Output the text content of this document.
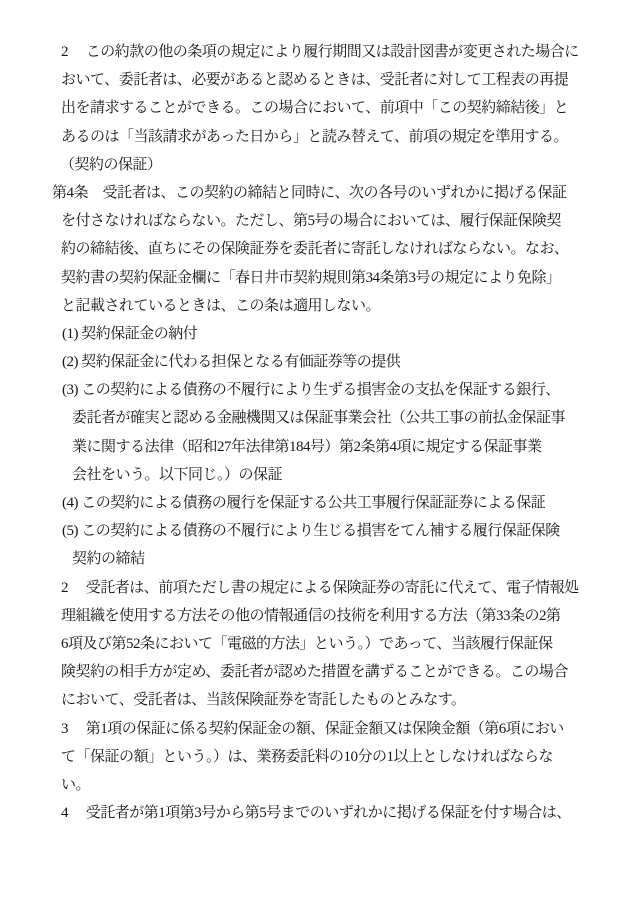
2　 この約款の他の条項の規定により履行期間又は設計図書が変更された場合に
おいて、委託者は、必要があると認めるときは、受託者に対して工程表の再提
出を請求することができる。この場合において、前項中「この契約締結後」と
あるのは「当該請求があった日から」と読み替えて、前項の規定を準用する。
（契約の保証）
第4条　受託者は、この契約の締結と同時に、次の各号のいずれかに掲げる保証
を付さなければならない。ただし、第5号の場合においては、履行保証保険契
約の締結後、直ちにその保険証券を委託者に寄託しなければならない。なお、
契約書の契約保証金欄に「春日井市契約規則第34条第3号の規定により免除」
と記載されているときは、この条は適用しない。
(1) 契約保証金の納付
(2) 契約保証金に代わる担保となる有価証券等の提供
(3) この契約による債務の不履行により生ずる損害金の支払を保証する銀行、
委託者が確実と認める金融機関又は保証事業会社（公共工事の前払金保証事
業に関する法律（昭和27年法律第184号）第2条第4項に規定する保証事業
会社をいう。以下同じ。）の保証
(4) この契約による債務の履行を保証する公共工事履行保証証券による保証
(5) この契約による債務の不履行により生じる損害をてん補する履行保証保険
契約の締結
2　 受託者は、前項ただし書の規定による保険証券の寄託に代えて、電子情報処
理組織を使用する方法その他の情報通信の技術を利用する方法（第33条の2第
6項及び第52条において「電磁的方法」という。）であって、当該履行保証保
険契約の相手方が定め、委託者が認めた措置を講ずることができる。この場合
において、受託者は、当該保険証券を寄託したものとみなす。
3　 第1項の保証に係る契約保証金の額、保証金額又は保険金額（第6項におい
て「保証の額」という。）は、業務委託料の10分の1以上としなければならな
い。
4　 受託者が第1項第3号から第5号までのいずれかに掲げる保証を付す場合は、
